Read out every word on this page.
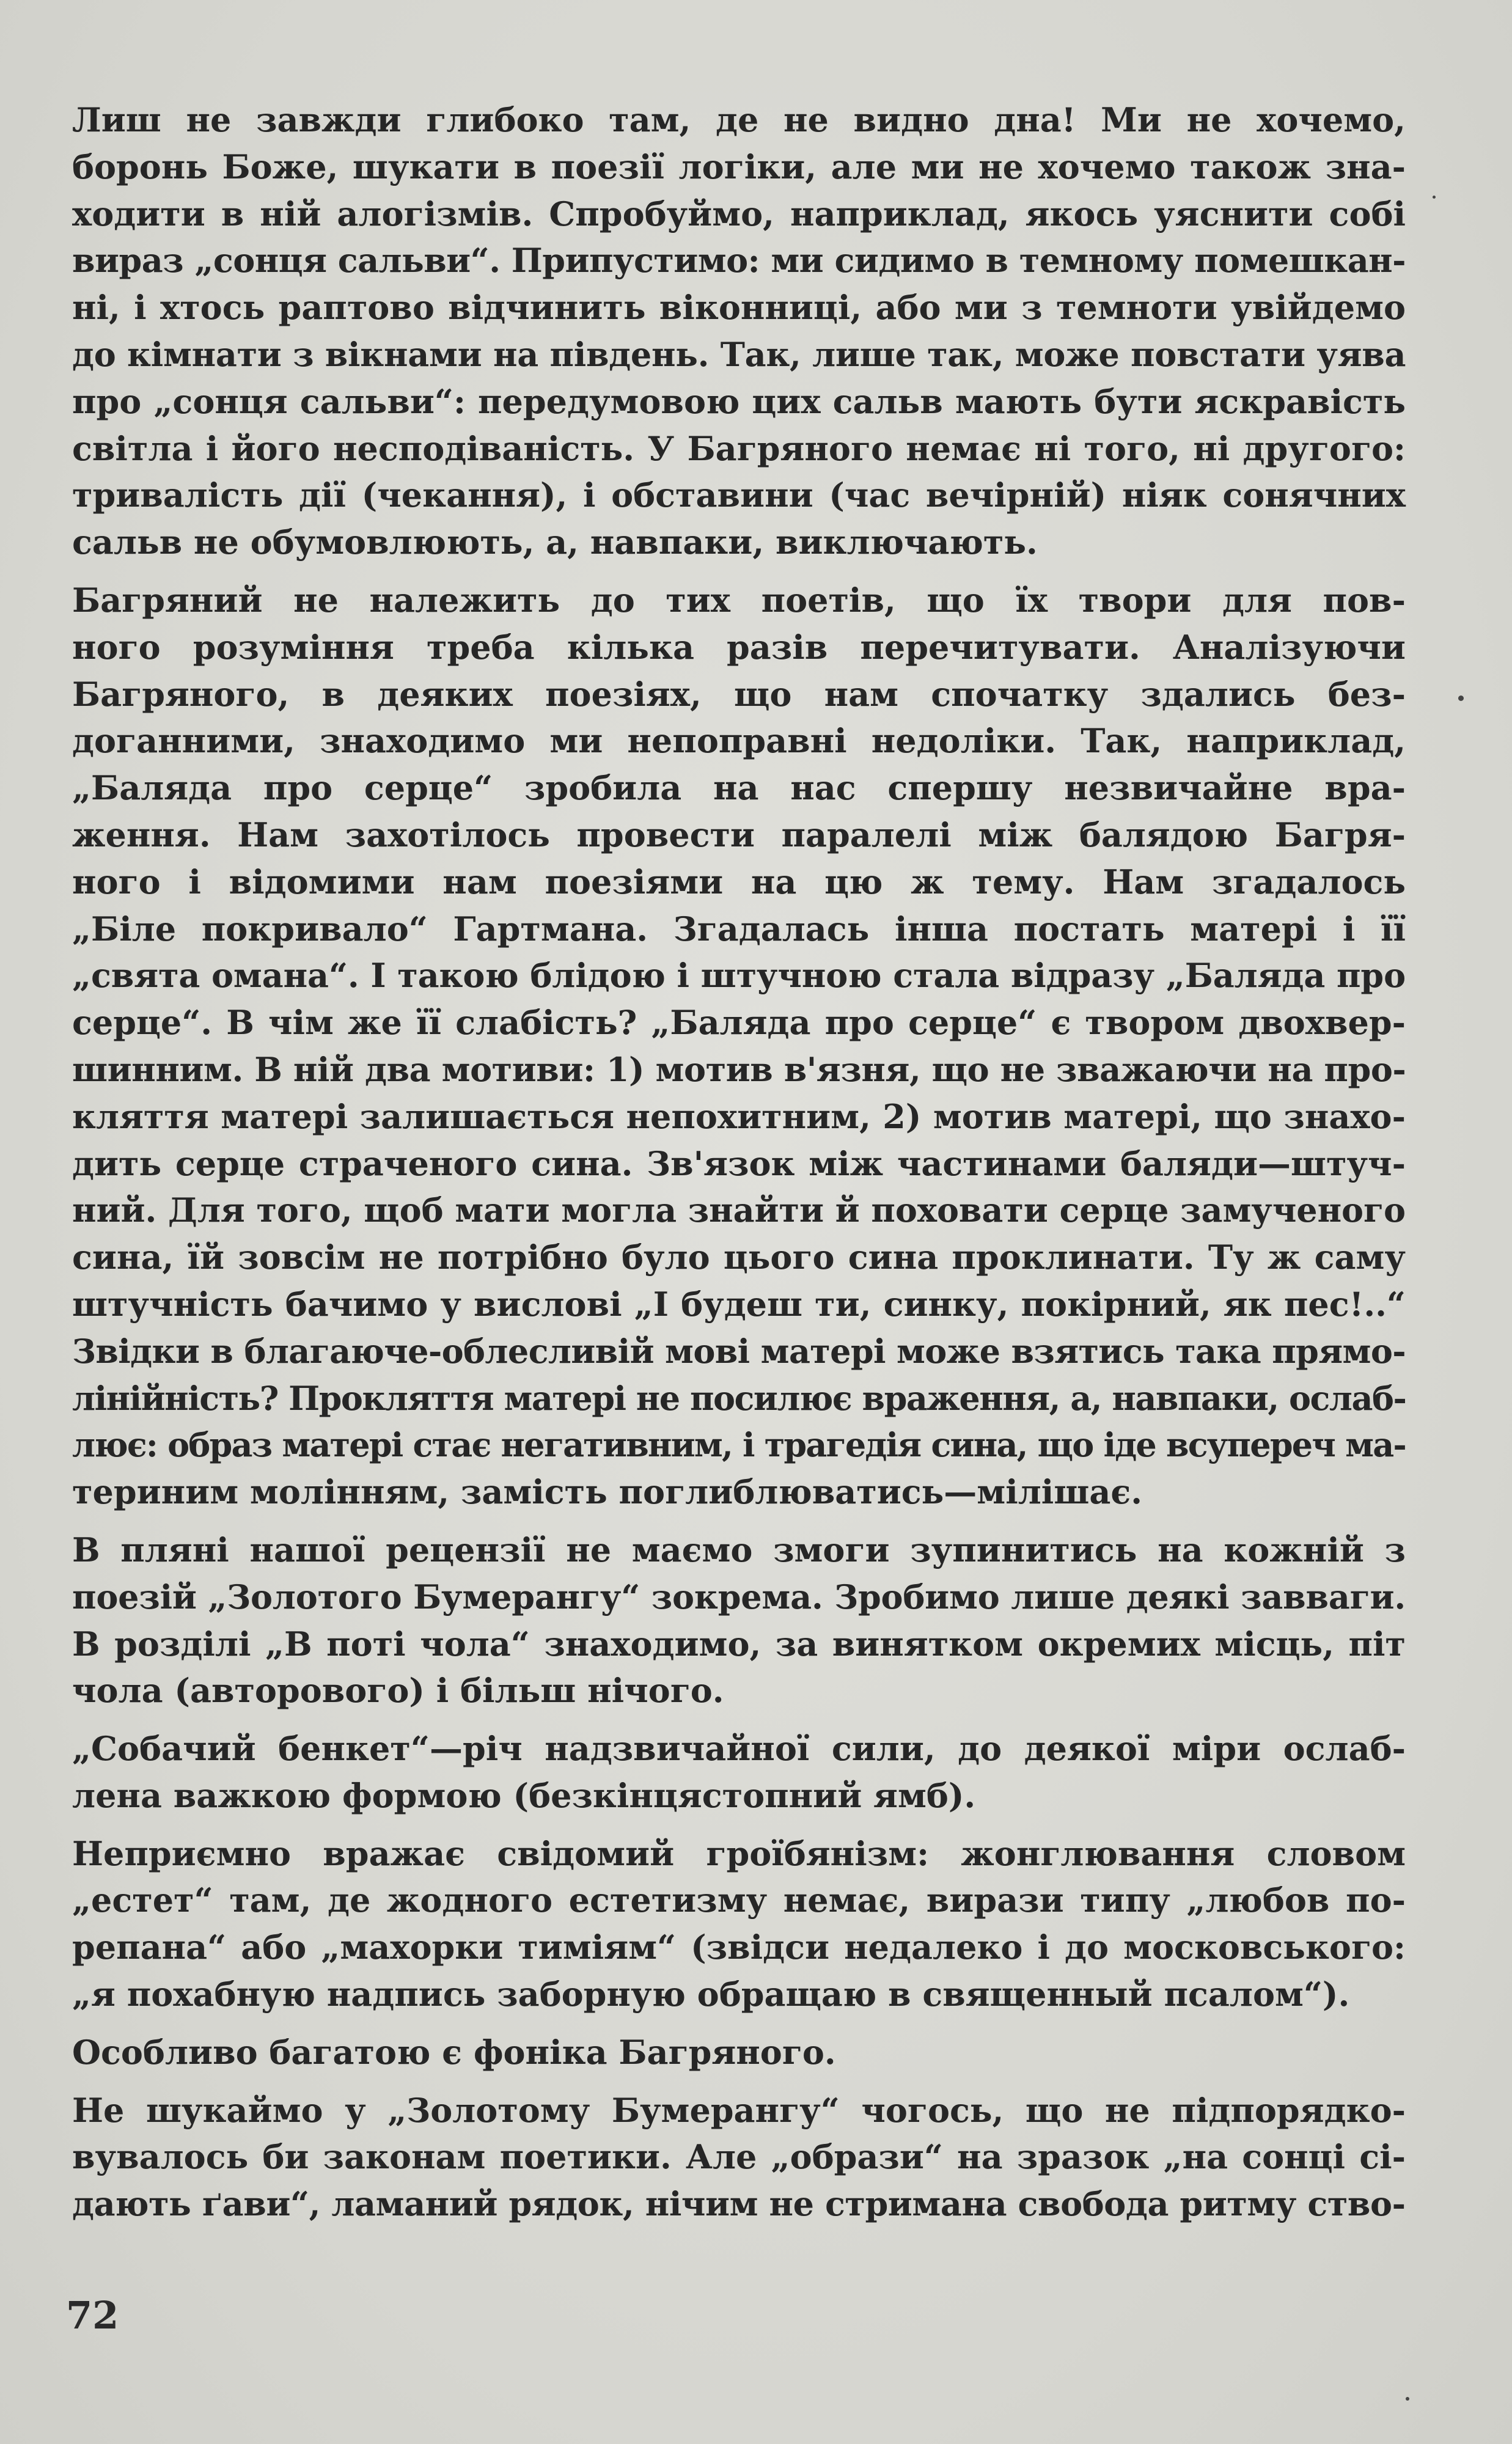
Лиш не завжди глибоко там, де не видно дна! Ми не хочемо,
боронь Боже, шукати в поезії логіки, але ми не хочемо також зна-
ходити в ній алогізмів. Спробуймо, наприклад, якось уяснити собі
вираз „сонця сальви“. Припустимо: ми сидимо в темному помешкан-
ні, і хтось раптово відчинить віконниці, або ми з темноти увійдемо
до кімнати з вікнами на південь. Так, лише так, може повстати уява
про „сонця сальви“: передумовою цих сальв мають бути яскравість
світла і його несподіваність. У Багряного немає ні того, ні другого:
тривалість дії (чекання), і обставини (час вечірній) ніяк сонячних
сальв не обумовлюють, а, навпаки, виключають.
Багряний не належить до тих поетів, що їх твори для пов-
ного розуміння треба кілька разів перечитувати. Аналізуючи
Багряного, в деяких поезіях, що нам спочатку здались без-
доганними, знаходимо ми непоправні недоліки. Так, наприклад,
„Баляда про серце“ зробила на нас спершу незвичайне вра-
ження. Нам захотілось провести паралелі між балядою Багря-
ного і відомими нам поезіями на цю ж тему. Нам згадалось
„Біле покривало“ Гартмана. Згадалась інша постать матері і її
„свята омана“. І такою блідою і штучною стала відразу „Баляда про
серце“. В чім же її слабість? „Баляда про серце“ є твором двохвер-
шинним. В ній два мотиви: 1) мотив в'язня, що не зважаючи на про-
кляття матері залишається непохитним, 2) мотив матері, що знахо-
дить серце страченого сина. Зв'язок між частинами баляди—штуч-
ний. Для того, щоб мати могла знайти й поховати серце замученого
сина, їй зовсім не потрібно було цього сина проклинати. Ту ж саму
штучність бачимо у вислові „І будеш ти, синку, покірний, як пес!..“
Звідки в благаюче-облесливій мові матері може взятись така прямо-
лінійність? Прокляття матері не посилює враження, а, навпаки, ослаб-
лює: образ матері стає негативним, і трагедія сина, що іде всупереч ма-
териним молінням, замість поглиблюватись—мілішає.
В пляні нашої рецензії не маємо змоги зупинитись на кожній з
поезій „Золотого Бумерангу“ зокрема. Зробимо лише деякі завваги.
В розділі „В поті чола“ знаходимо, за винятком окремих місць, піт
чола (авторового) і більш нічого.
„Собачий бенкет“—річ надзвичайної сили, до деякої міри ослаб-
лена важкою формою (безкінцястопний ямб).
Неприємно вражає свідомий гроїбянізм: жонглювання словом
„естет“ там, де жодного естетизму немає, вирази типу „любов по-
репана“ або „махорки тиміям“ (звідси недалеко і до московського:
„я похабную надпись заборную обращаю в священный псалом“).
Особливо багатою є фоніка Багряного.
Не шукаймо у „Золотому Бумерангу“ чогось, що не підпорядко-
вувалось би законам поетики. Але „образи“ на зразок „на сонці сі-
дають ґави“, ламаний рядок, нічим не стримана свобода ритму ство-
72
